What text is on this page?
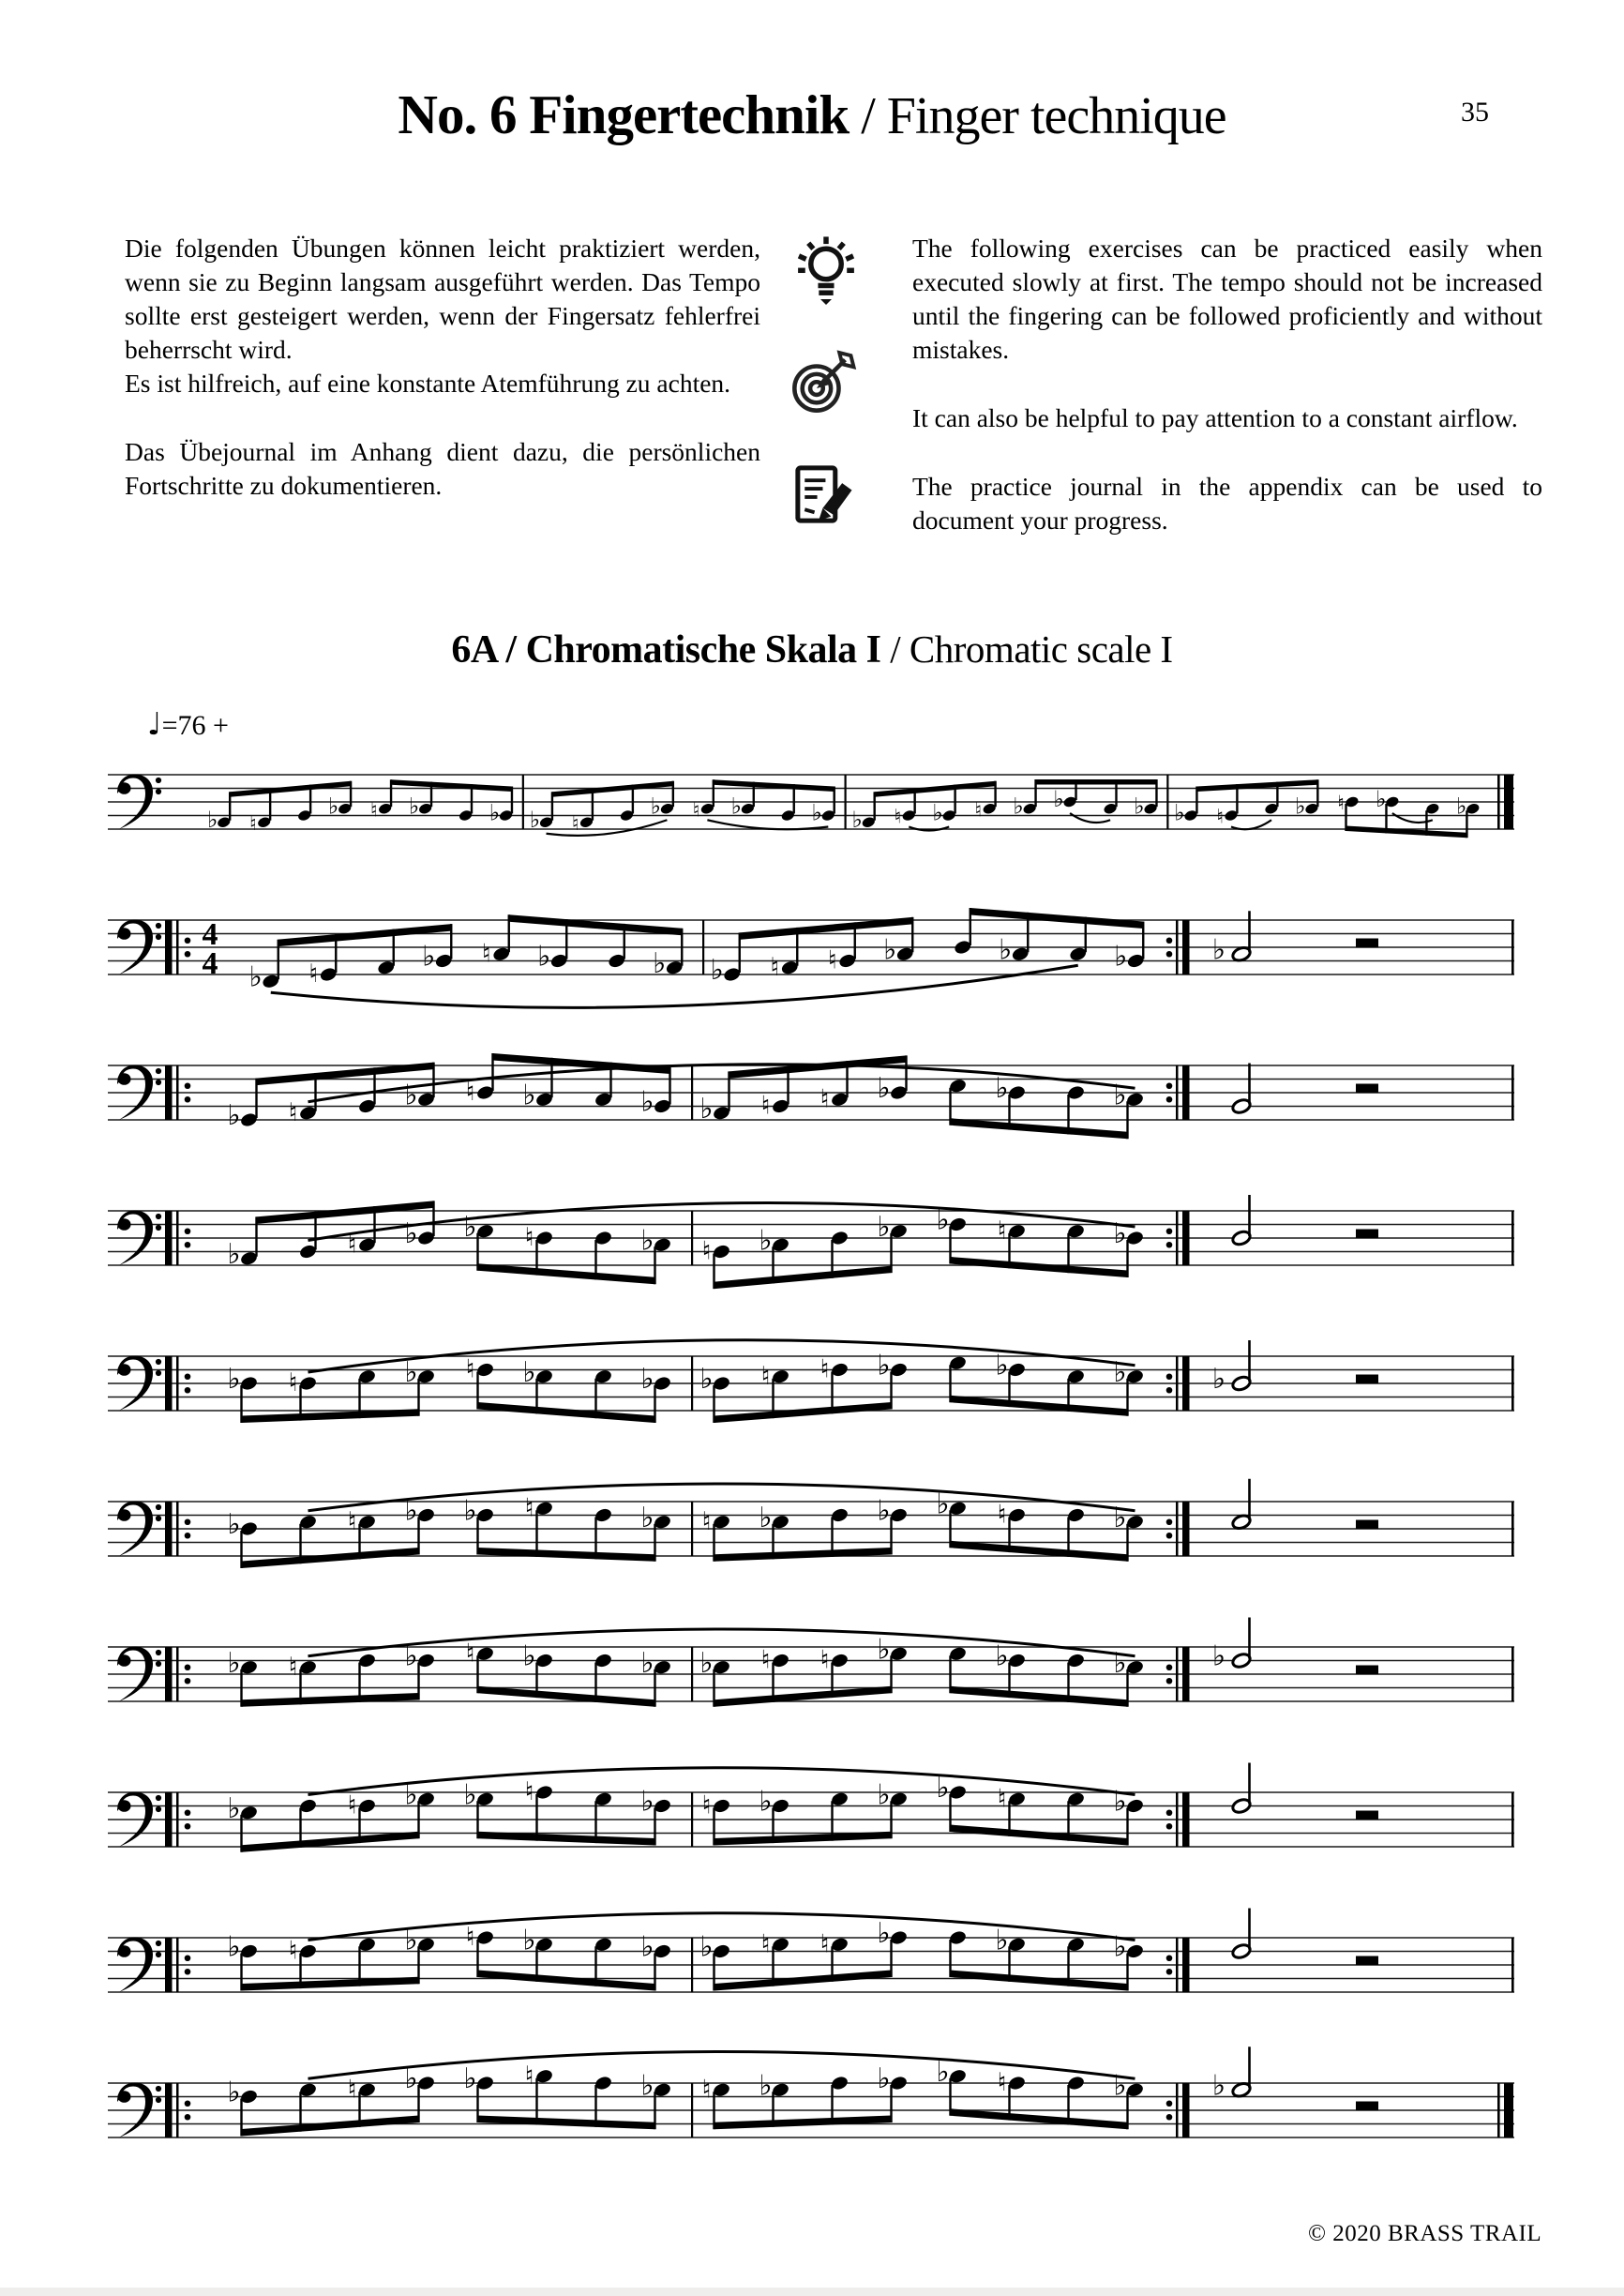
No. 6 Fingertechnik / Finger technique	35

Die folgenden Übungen können leicht praktiziert werden, wenn sie zu Beginn langsam ausgeführt werden. Das Tempo sollte erst gesteigert werden, wenn der Fingersatz fehlerfrei beherrscht wird.

Es ist hilfreich, auf eine konstante Atemführung zu achten.

Das Übejournal im Anhang dient dazu, die persönlichen Fortschritte zu dokumentieren.

The following exercises can be practiced easily when executed slowly at first. The tempo should not be increased until the fingering can be followed proficiently and without mistakes.

It can also be helpful to pay attention to a constant airflow.

The practice journal in the appendix can be used to document your progress.

6A / Chromatische Skala I / Chromatic scale I
♩=76 +
♭ ♮
♭ ♮ ♭	♭ ♭ ♮
♭ ♮ ♭	♭ ♭ ♮ ♭ ♮ ♭ ♭	♭ ♭ ♮	♭ ♮ ♭	♭
4
4 ♭ ♮
♭ ♮ ♭	♭ ♭ ♮ ♮ ♭	♭	♭	♭
♭ ♮
♭ ♮ ♭	♭ ♭ ♮ ♮ ♭	♭	♭
♭	♮ ♭ ♭ ♮	♭ ♮ ♭	♭ ♭ ♮	♭
♭ ♮	♭ ♮ ♭	♭ ♭ ♮ ♮ ♭	♭	♭	♭
♭	♮ ♭ ♭ ♮	♭ ♮ ♭	♭ ♭ ♮	♭
♭ ♮	♭ ♮ ♭	♭ ♭ ♮ ♮ ♭	♭	♭	♭
♭	♮ ♭ ♭ ♮	♭ ♮ ♭	♭ ♭ ♮	♭
♭ ♮	♭ ♮ ♭	♭ ♭ ♮ ♮ ♭	♭	♭
♭	♮ ♭ ♭ ♮	♭ ♮ ♭	♭ ♭ ♮	♭	♭
© 2020 BRASS TRAIL
